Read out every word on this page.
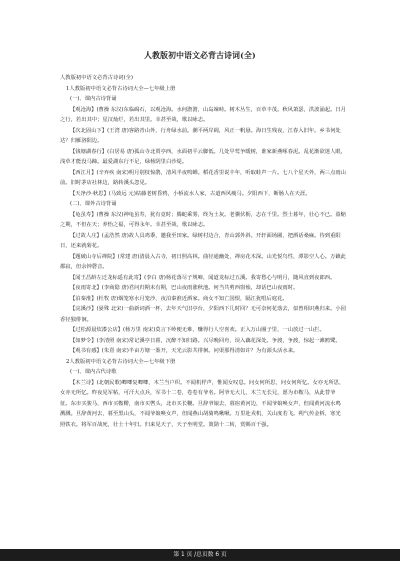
人教版初中语文必背古诗词(全)

人教版初中语文必背古诗词(全)

1人教版初中语文必背古诗词大全—七年级上册

(一)、课内古诗背诵

【观沧海】(曹操 东汉)东临碣石，以观沧海。水何澹澹，山岛竦峙。树木丛生，百草丰茂。秋风萧瑟，洪波涌起。日月之行，若出其中；星汉灿烂，若出其里。幸甚至哉，歌以咏志。

【次北固山下】(王湾 唐)客路青山外，行舟绿水前。潮平两岸阔，风正一帆悬。海日生残夜，江春入旧年。乡书何处达？归雁洛阳边。

【钱塘湖春行】(白居易 唐)孤山寺北贾亭西，水面初平云脚低。几处早莺争暖树，谁家新燕啄春泥。乱花渐欲迷人眼，浅草才能没马蹄。最爱湖东行不足，绿杨阴里白沙堤。

【西江月】(辛弃疾 南宋)明月别枝惊鹊，清风半夜鸣蝉。稻花香里说丰年，听取蛙声一片。七八个星天外，两三点雨山前。旧时茅店社林边，路转溪头忽见。

【天净沙·秋思】(马致远 元)枯藤老树昏鸦，小桥流水人家，古道西风瘦马。夕阳西下，断肠人在天涯。

(二)、课外古诗背诵

【龟虽寿】(曹操 东汉)神龟虽寿，犹有竟时；腾蛇乘雾，终为土灰。老骥伏枥，志在千里。烈士暮年，壮心不已。盈缩之期，不但在天；养怡之福，可得永年。幸甚至哉，歌以咏志。

【过故人庄】(孟浩然 唐)故人具鸡黍，邀我至田家。绿树村边合，青山郭外斜。开轩面场圃，把酒话桑麻。待到重阳日，还来就菊花。

【题破山寺后禅院】(常建 唐)清晨入古寺，初日照高林。曲径通幽处，禅房花木深。山光悦鸟性，潭影空人心。万籁此都寂，但余钟磬音。

【闻王昌龄左迁龙标遥有此寄】(李白 唐)杨花落尽子规啼，闻道龙标过五溪。我寄愁心与明月，随风直到夜郎西。

【夜雨寄北】(李商隐 唐)君问归期未有期，巴山夜雨涨秋池。何当共剪西窗烛，却话巴山夜雨时。

【泊秦淮】(杜牧 唐)烟笼寒水月笼沙，夜泊秦淮近酒家。商女不知亡国恨，隔江犹唱后庭花。

【浣溪沙】(晏殊 北宋)一曲新词酒一杯，去年天气旧亭台，夕阳西下几时回？无可奈何花落去，似曾相识燕归来。小园香径独徘徊。

【过松源晨炊漆公店】(杨万里 南宋)莫言下岭便无难，赚得行人空喜欢。正入万山圈子里，一山放过一山拦。

【如梦令】(李清照 南宋)常记溪亭日暮，沉醉不知归路。兴尽晚回舟，误入藕花深处。争渡，争渡，惊起一滩鸥鹭。

【观书有感】(朱熹 南宋)半亩方塘一鉴开，天光云影共徘徊。问渠那得清如许？为有源头活水来。

2人教版初中语文必背古诗词大全—七年级下册

(一)、课内古代诗歌

【木兰诗】(北朝民歌)唧唧复唧唧，木兰当户织。不闻机杼声，惟闻女叹息。问女何所思，问女何所忆。女亦无所思，女亦无所忆。昨夜见军帖，可汗大点兵，军书十二卷，卷卷有爷名。阿爷无大儿，木兰无长兄，愿为市鞍马，从此替爷征。东市买骏马，西市买鞍鞯，南市买辔头，北市买长鞭。旦辞爷娘去，暮宿黄河边，不闻爷娘唤女声，但闻黄河流水鸣溅溅。旦辞黄河去，暮至黑山头，不闻爷娘唤女声，但闻燕山胡骑鸣啾啾。万里赴戎机，关山度若飞。朔气传金柝，寒光照铁衣。将军百战死，壮士十年归。归来见天子，天子坐明堂。策勋十二转，赏赐百千强。

第 1 页 /总页数 6 页
